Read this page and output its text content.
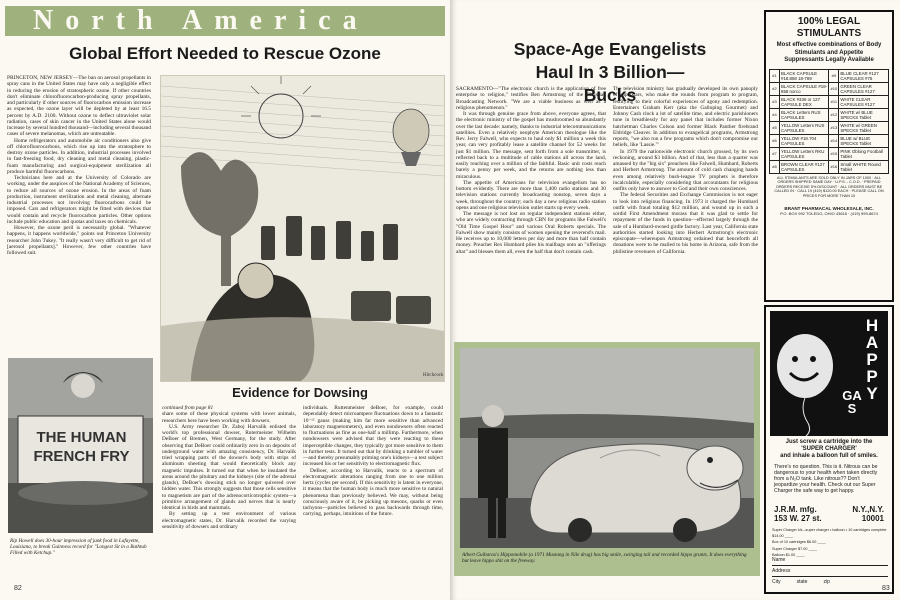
North America
Global Effort Needed to Rescue Ozone

PRINCETON, NEW JERSEY—The ban on aerosol propellants in spray cans in the United States may have only a negligible effect in reducing the erosion of stratospheric ozone. If other countries don't eliminate chlorofluorocarbon-producing spray propellants, and particularly if other sources of fluorocarbon emission increase as expected, the ozone layer will be depleted by at least 16.5 percent by A.D. 2100. Without ozone to deflect ultraviolet solar radiation, cases of skin cancer in the United States alone would increase by several hundred thousand—including several thousand cases of severe melanomas, which are untreatable.

Home refrigerators and automobile air conditioners also give off chlorofluorocarbons, which rise up into the stratosphere to destroy ozone particles. In addition, industrial processes involved in fast-freezing food, dry cleaning and metal cleaning, plastic-foam manufacturing and surgical-equipment sterilization all produce harmful fluorocarbons.

Technicians here and at the University of Colorado are working, under the auspices of the National Academy of Sciences, to reduce all sources of ozone erosion. In the areas of foam production, instrument sterilization and metal cleaning, alternate industrial processes not involving fluorocarbons could be imposed. Cars and refrigerators might be fitted with devices that would contain and recycle fluorocarbon particles. Other options include public education and quotas and taxes on chemicals.

However, the ozone peril is necessarily global. "Whatever happens, it happens worldwide," points out Princeton University researcher John Tukey. "It really wasn't very difficult to get rid of [aerosol propellants]." However, few other countries have followed suit.

Hitchcock
THE HUMAN FRENCH FRY
Rip Howell does 30-hour impression of junk food in Lafayette, Louisiana, to break Guinness record for "Longest Sit in a Bathtub Filled with Ketchup."
Evidence for Dowsing

continued from page 81

share some of these physical systems with lower animals, researchers here have been working with dowsers.

U.S. Army researcher Dr. Zaboj Harvalik enlisted the world's top professional dowser, Rutermeister Wilhelm DeBoer of Bremen, West Germany, for the study. After observing that DeBoer could ordinarily zero in on deposits of underground water with amazing consistency, Dr. Harvalik tried wrapping parts of the dowser's body with strips of aluminum sheeting that would theoretically block any magnetic impulses. It turned out that when he insulated the areas around the pituitary and the kidneys (site of the adrenal glands), DeBoer's dowsing stick no longer quivered over hidden water. This strongly suggests that those cells sensitive to magnetism are part of the adrenocorticotrophic system—a primitive arrangement of glands and nerves that is nearly identical in birds and mammals.

By setting up a test environment of various electromagnetic states, Dr. Harvalik recorded the varying sensitivity of dowsers and ordinary

individuals. Ruttenmeister deBoer, for example, could dependably detect microampere fluctuations down to a fantastic 10⁻¹² gauss (making him far more sensitive than advanced laboratory magnetometers), and even nondowsers often reacted to fluctuations as fine as one-half a millimp. Furthermore, when nondowsers were advised that they were reacting to these imperceptible changes, they typically got more sensitive to them in further tests. It turned out that by drinking a tumbler of water—and thereby presumably priming one's kidneys—a test subject increased his or her sensitivity to electromagnetic flux.

DeBoer, according to Harvalik, reacts to a spectrum of electromagnetic alterations ranging from one to one million hertz (cycles per second). If this sensitivity is latent in everyone, it means that the human body is much more sensitive to natural phenomena than previously believed. We may, without being consciously aware of it, be picking up mesons, quarks or even tachyons—particles believed to pass backwards through time, carrying, perhaps, intuitions of the future.

82
Space-Age Evangelists Haul In 3 Billion—Bucks

SACRAMENTO—"The electronic church is the application of free enterprise to religion," testifies Ben Armstrong of the Christian Broadcasting Network. "We are a viable business as well as a religious phenomenon."

It was through genuine grace from above, everyone agrees, that the electronic ministry of the gospel has mushroomed so abundantly over the last decade: namely, thanks to industrial telecommunications satellites. Even a relatively neophyte American theologue like the Rev. Jerry Falwell, who expects to haul only $1 million a week this year, can very profitably lease a satellite channel for 52 weeks for just $1 million. The message, sent forth from a sole transmitter, is reflected back to a multitude of cable stations all across the land, easily reaching over a million of the faithful. Basic unit costs reach barely a penny per week, and the returns are nothing less than miraculous.

The appetite of Americans for television evangelism has no bottom evidently. There are more than 1,400 radio stations and 30 television stations currently broadcasting nonstop, seven days a week, throughout the country; each day a new religious radio station opens and one religious television outlet starts up every week.

The message is not lost on regular independent stations either, who are widely contracting through CBN for programs like Falwell's "Old Time Gospel Hour" and various Oral Roberts specials. The Falwell show mainly consists of women opening the reverend's mail. He receives up to 10,000 letters per day and more than half contain money. Preacher Rex Humbard piles his mailbags onto an "offerings altar" and blesses them all, even the half that don't contain cash.

The television ministry has gradually developed its own panoply of superstars, who make the rounds from program to program, testifying to their colorful experiences of agony and redemption. Entertainers Graham Kerr (aka the Galloping Gourmet) and Johnny Cash clock a lot of satellite time, and electric parishioners tune in breathlessly for any panel that includes former Nixon hatchetman Charles Colson and former Black Panther firebrand Eldridge Cleaver. In addition to evangelical programs, Armstrong reports, "we also run a few programs which don't compromise our beliefs, like 'Lassie.'"

In 1979 the nationwide electronic church grossed, by its own reckoning, around $3 billion. And of that, less than a quarter was amassed by the "big six" preachers like Falwell, Humbard, Roberts and Herbert Armstrong. The amount of cold cash changing hands even among relatively bush-league TV prophets is therefore incalculable, especially considering that accountants for religious outfits only have to answer to God and their own consciences.

The federal Securities and Exchange Commission is not eager to look into religious financing. In 1973 it charged the Humbard outfit with fraud totaling $12 million, and wound up in such a sordid First Amendment morass that it was glad to settle for repayment of the funds in question—effected largely through the sale of a Humbard-owned girdle factory. Last year, California state authorities started looking into Herbert Armstrong's electronic episcopate—whereupon Armstrong ordained that henceforth all donations were to be mailed to his home in Arizona, safe from the philistine revenuers of California.

Albert Guibaras's Hippomobile (a 1971 Mustang in Nile drag) has big smile, swinging tail and recorded hippo grunts. It does everything but leave hippo shit on the freeway.
100% LEGAL STIMULANTS
Most effective combinations of Body Stimulants and Appetite Suppressants Legally Available
#1	BLACK CAPSULE #18.858 18-789	#9	BLUE CLEAR #127 CAPSULES #75
#2	BLACK CAPSULE #18-858 norco	#10	GREEN CLEAR CAPSULES #127
#3	BLACK #336 or 127 CAPSULE DEX	#11	WHITE CLEAR CAPSULES #127
#4	BLACK Letters RUS CAPSULES	#12	WHITE w/ BLUE SPECKS Tablet
#5	YELLOW Letters RUS CAPSULES	#13	WHITE w/ GREEN SPECKS Tablet
#6	YELLOW #18.704 CAPSULES	#14	BLUE w/ BLUE SPECKS Tablet
#7	YELLOW Letters RKU CAPSULES	#15	PINK Oblong Football Tablet
#8	BROWN CLEAR #127 CAPSULES	#16	Small WHITE Round Tablet
ALL STIMULANTS ARE SOLD ONLY IN JARS OF 1000 · ALL ORDERS SHIPPED SAME DAY · U.P.S. - C.O.D. · PREPAID ORDERS RECEIVE 5% DISCOUNT · ALL ORDERS MUST BE CALLED IN · CALL 19 (419) $120.00 EACH · PLEASE CALL ON PRICES FOR MORE THAN 10
BRANT PHARMACAL WHOLESALE, INC.
P.O. BOX 992 TOLEDO, OHIO 43616 · (419) 999-8674
HAPPY
GAS
Just screw a cartridge into the
'SUPER CHARGER'
and inhale a balloon full of smiles.
There's no question. This is it. Nitrous can be dangerous to your health when taken directly from a N₂O tank. Like nitrous?? Don't jeopardize your health. Check out our Super Charger the safe way to get happy.
J.R.M. mfg.
153 W. 27 st.
N.Y.,N.Y.
10001
Super Charger kit—super charger • balloon • 10 cartridges complete $14.00 ____
Box of 10 cartridges $6.00 ____
Super Charger $7.00 ____
Balloon $1.00 ____
Name
Address
City	state	zip
83
